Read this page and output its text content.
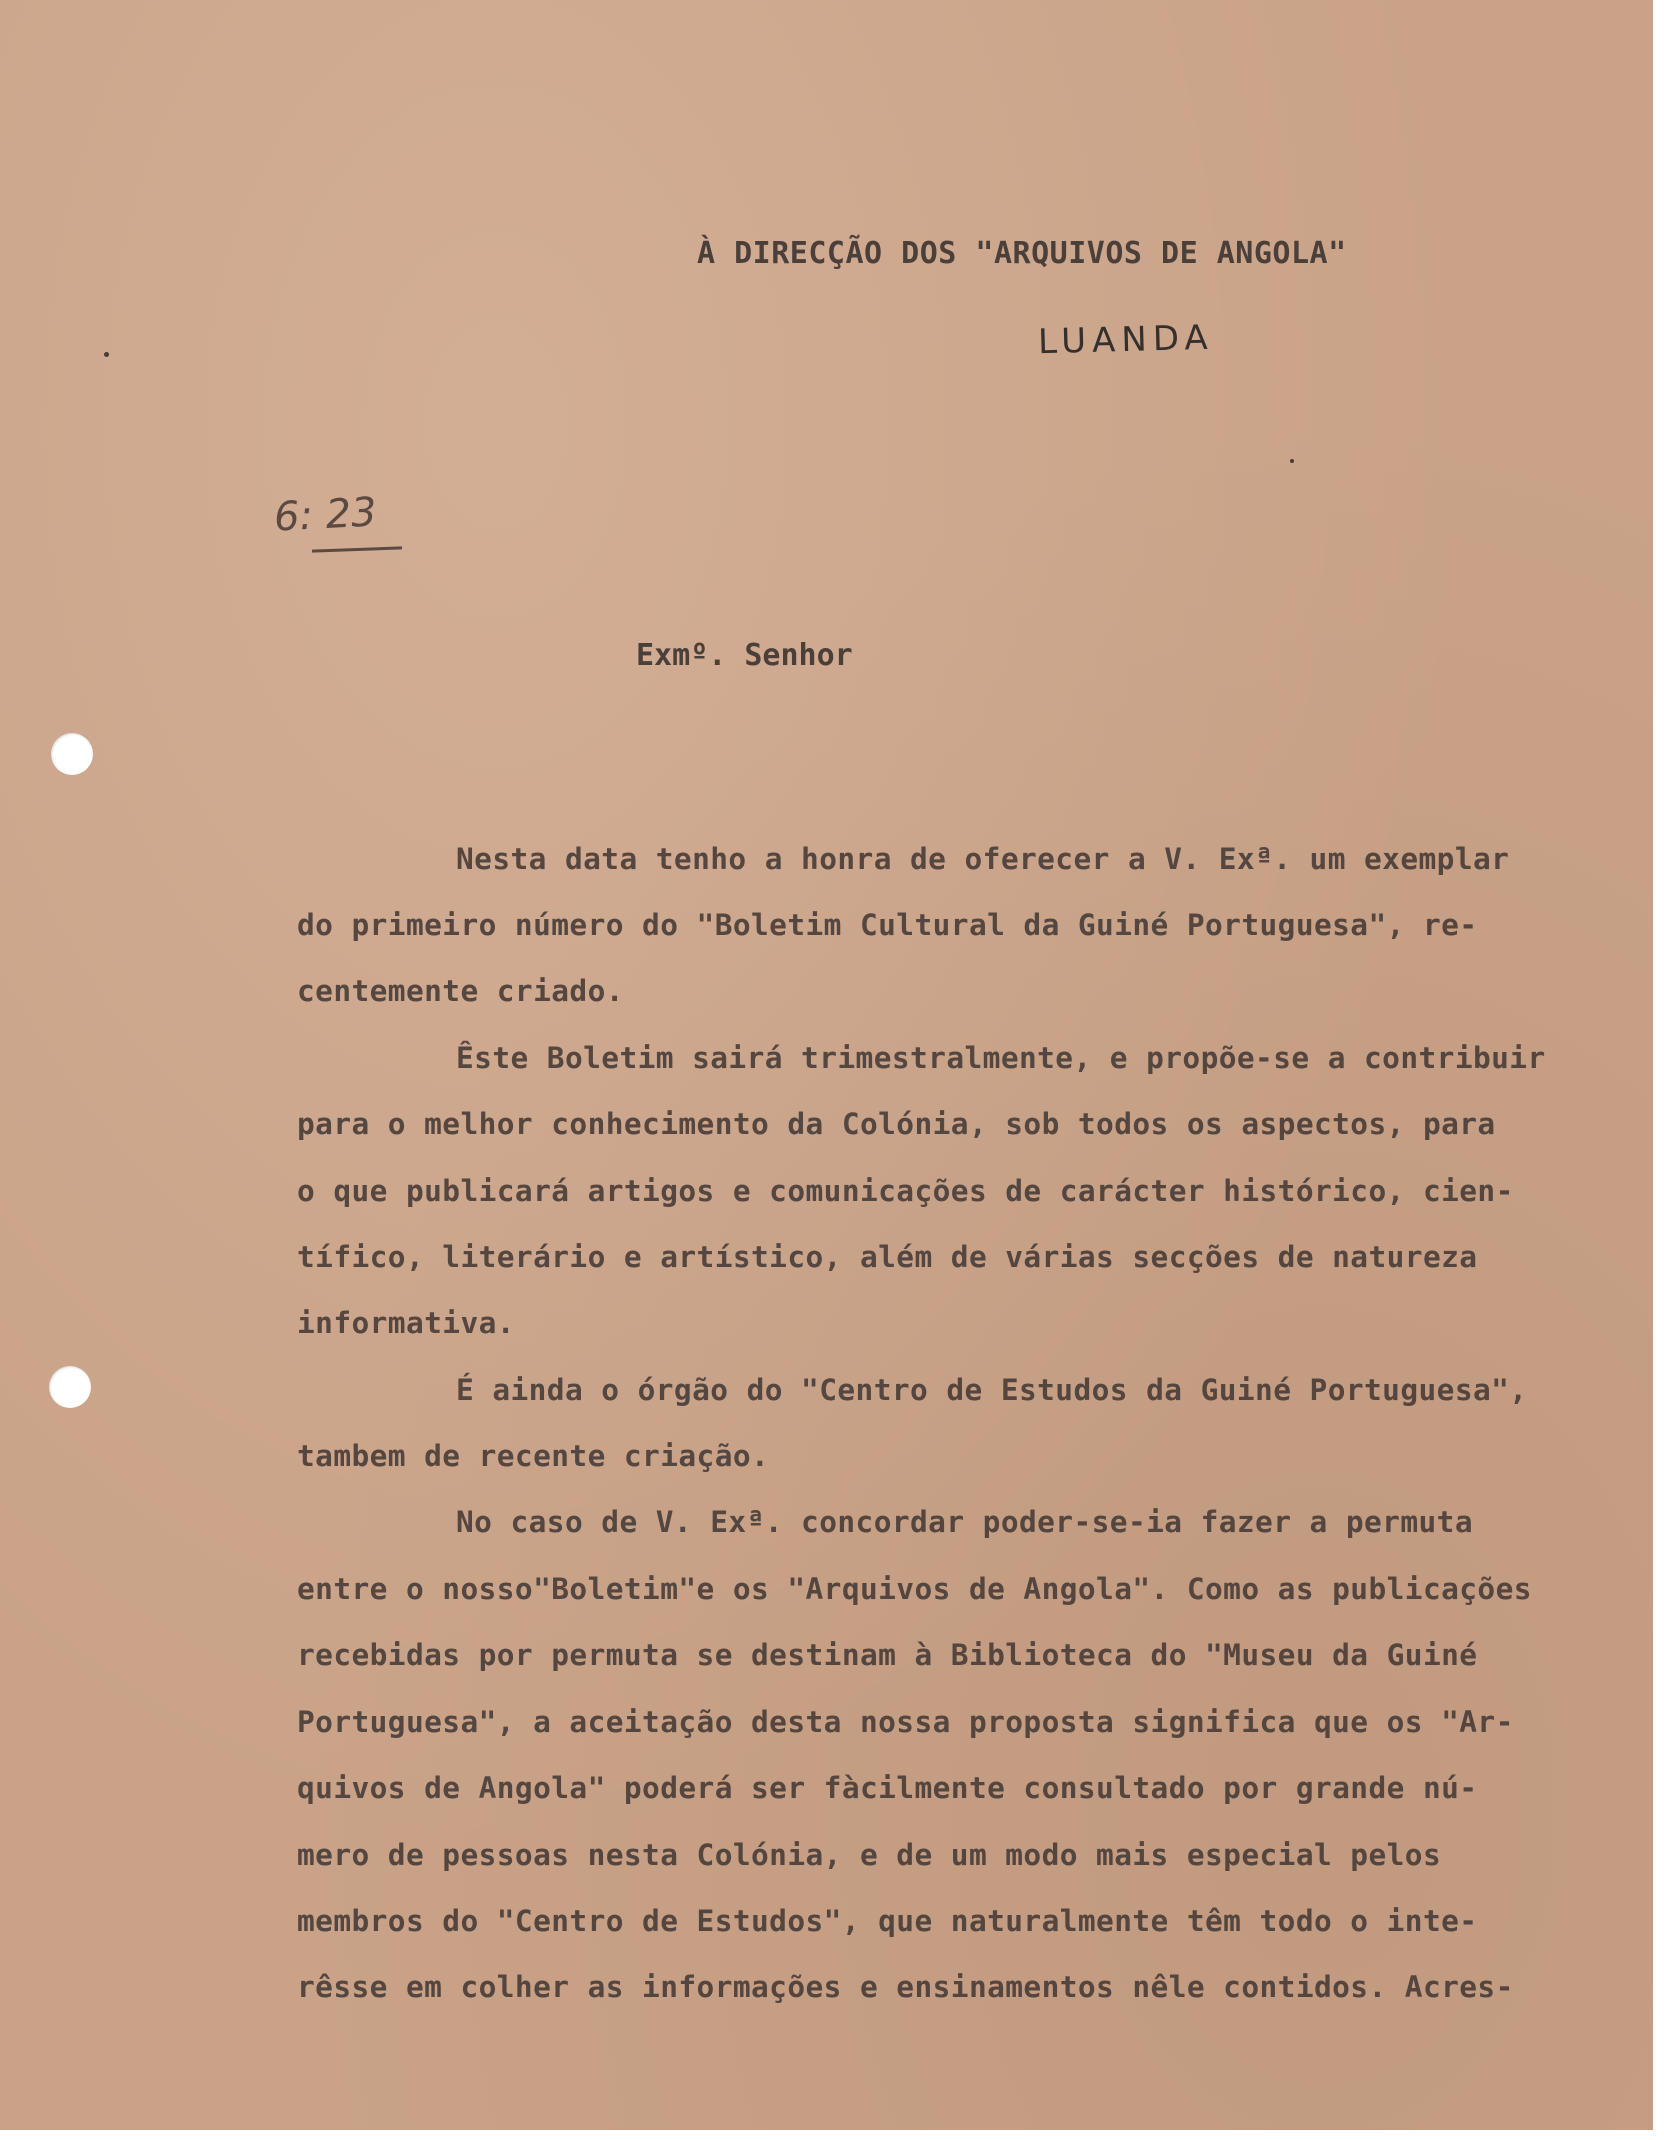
À DIRECÇÃO DOS "ARQUIVOS DE ANGOLA"

LUANDA
6: 23

Exmº. Senhor

Nesta data tenho a honra de oferecer a V. Exª. um exemplar

do primeiro número do "Boletim Cultural da Guiné Portuguesa", re-

centemente criado.

Êste Boletim sairá trimestralmente, e propõe-se a contribuir

para o melhor conhecimento da Colónia, sob todos os aspectos, para

o que publicará artigos e comunicações de carácter histórico, cien-

tífico, literário e artístico, além de várias secções de natureza

informativa.

É ainda o órgão do "Centro de Estudos da Guiné Portuguesa",

tambem de recente criação.

No caso de V. Exª. concordar poder-se-ia fazer a permuta

entre o nosso"Boletim"e os "Arquivos de Angola". Como as publicações

recebidas por permuta se destinam à Biblioteca do "Museu da Guiné

Portuguesa", a aceitação desta nossa proposta significa que os "Ar-

quivos de Angola" poderá ser fàcilmente consultado por grande nú-

mero de pessoas nesta Colónia, e de um modo mais especial pelos

membros do "Centro de Estudos", que naturalmente têm todo o inte-

rêsse em colher as informações e ensinamentos nêle contidos. Acres-
